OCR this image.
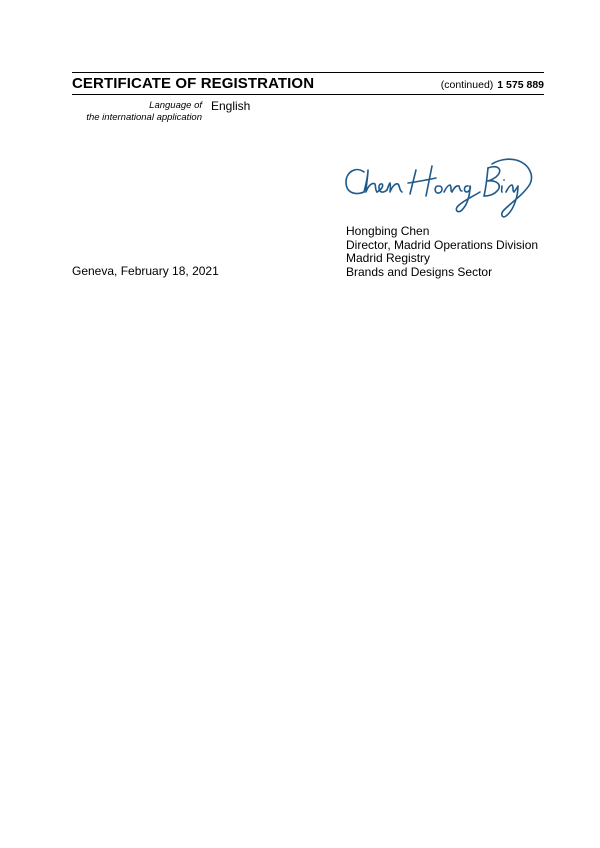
CERTIFICATE OF REGISTRATION	(continued) 1 575 889
Language of
the international application
English
Hongbing Chen
Director, Madrid Operations Division
Madrid Registry
Brands and Designs Sector
Geneva, February 18, 2021
